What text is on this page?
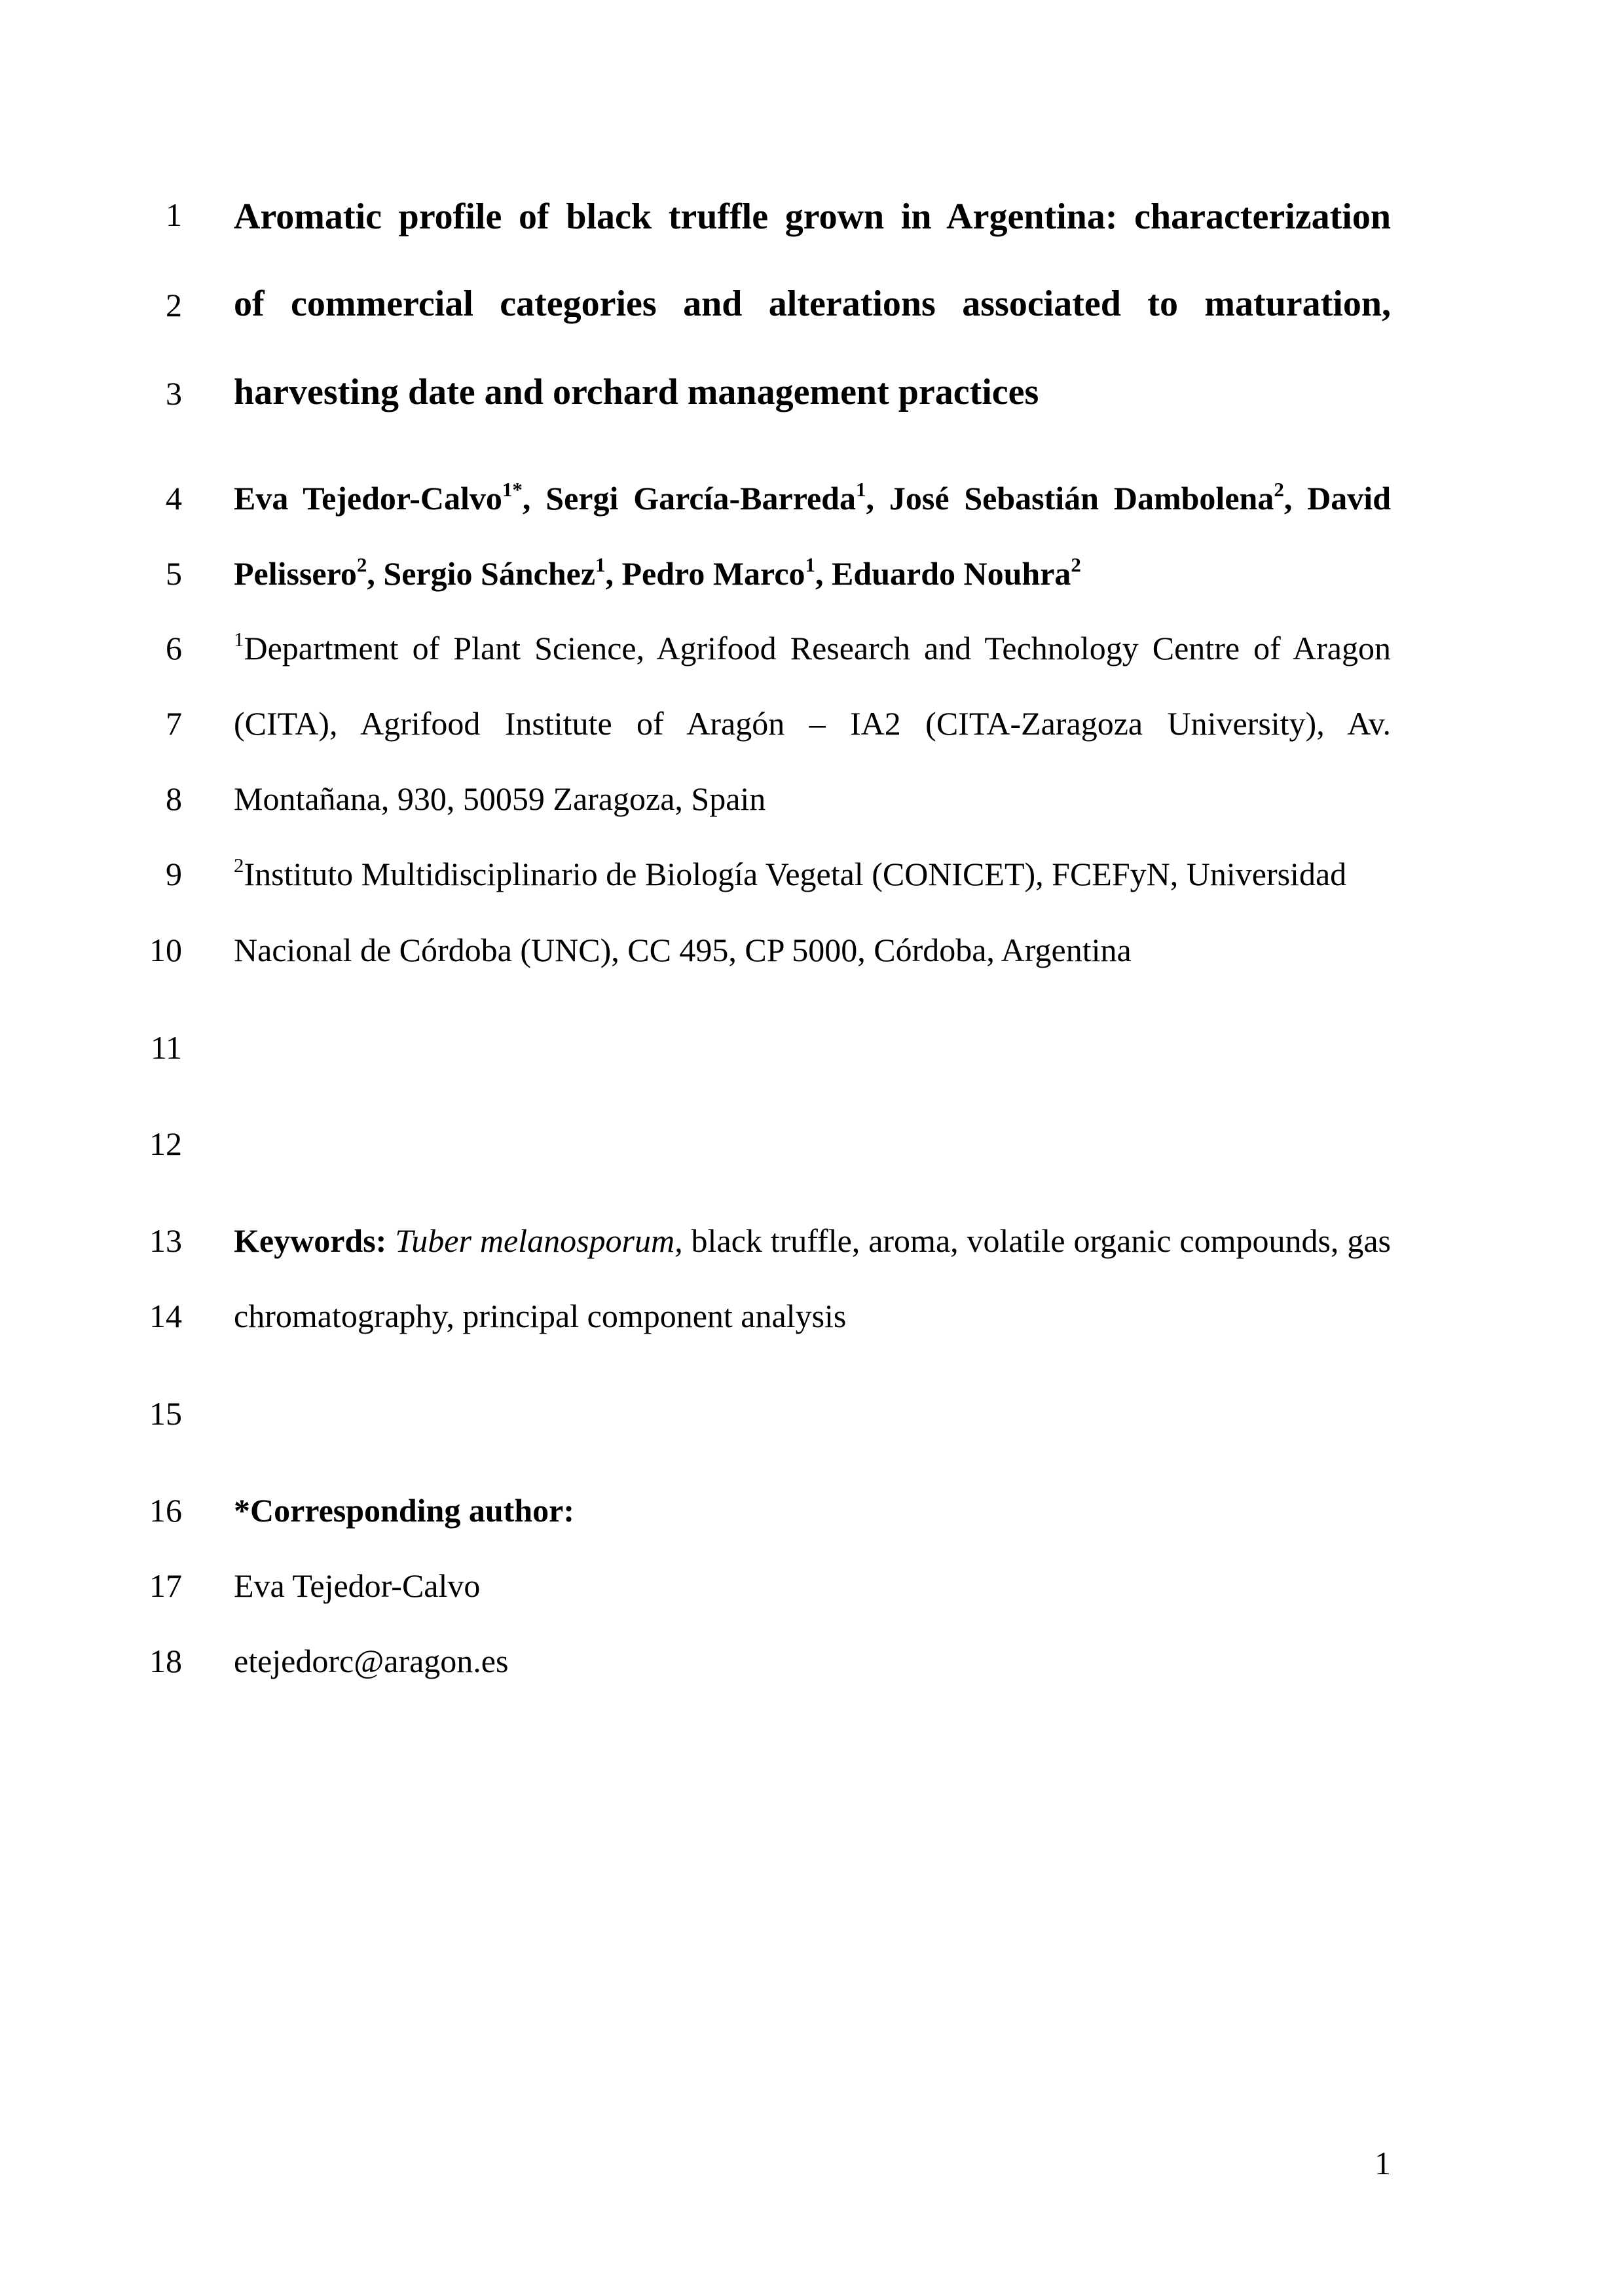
1 Aromatic profile of black truffle grown in Argentina: characterization
2 of commercial categories and alterations associated to maturation,
3 harvesting date and orchard management practices
4 Eva Tejedor-Calvo$^{1*}$, Sergi García-Barreda$^1$, José Sebastián Dambolena$^2$, David
5 Pelissero$^2$, Sergio Sánchez$^1$, Pedro Marco$^1$, Eduardo Nouhra$^2$
6	$^1$Department of Plant Science, Agrifood Research and Technology Centre of Aragon
7 (CITA), Agrifood Institute of Aragón – IA2 (CITA-Zaragoza University), Av.
8 Montañana, 930, 50059 Zaragoza, Spain
9	$^2$Instituto Multidisciplinario de Biología Vegetal (CONICET), FCEFyN, Universidad
10 Nacional de Córdoba (UNC), CC 495, CP 5000, Córdoba, Argentina
11
12
13 Keywords: Tuber melanosporum, black truffle, aroma, volatile organic compounds, gas
14 chromatography, principal component analysis
15
16 *Corresponding author:
17 Eva Tejedor-Calvo
18 etejedorc@aragon.es
1
